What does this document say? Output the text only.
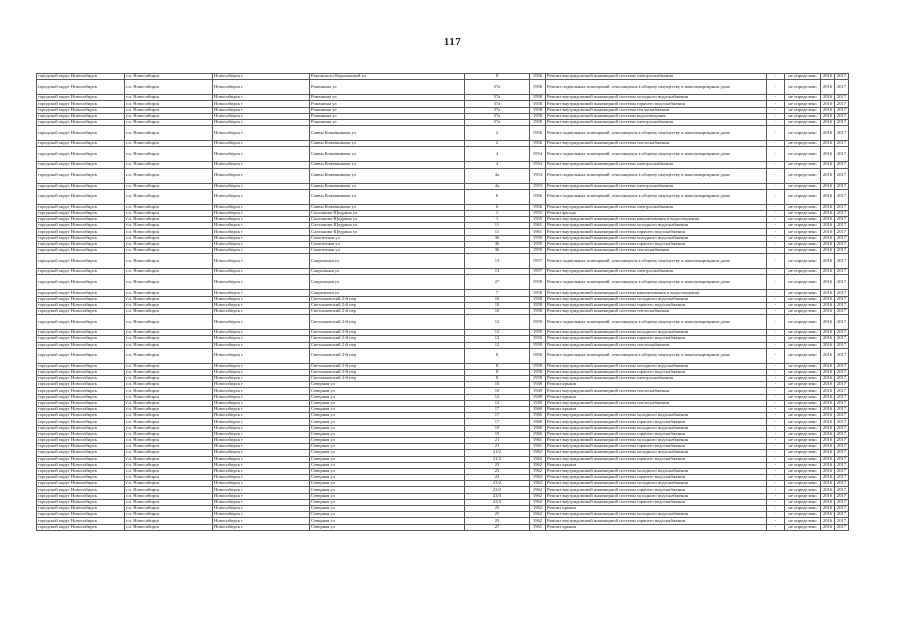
117
городской округ Новосибирск	г.п. Новосибирск	Новосибирск г	Рамонского-Корольковой ул	8	1956	Ремонт внутридомовой инженерной системы электроснабжения	-	не определено	2016	2017
городской округ Новосибирск	г.п. Новосибирск	Новосибирск г	Ромашина ул	37а	1958	Ремонт подвальных помещений, относящихся к общему имуществу в многоквартирном доме	-	не определено	2016	2017
городской округ Новосибирск	г.п. Новосибирск	Новосибирск г	Ромашина ул	37а	1958	Ремонт внутридомовой инженерной системы холодного водоснабжения	-	не определено	2016	2017
городской округ Новосибирск	г.п. Новосибирск	Новосибирск г	Ромашина ул	37а	1958	Ремонт внутридомовой инженерной системы горячего водоснабжения	-	не определено	2016	2017
городской округ Новосибирск	г.п. Новосибирск	Новосибирск г	Ромашина ул	37а	1958	Ремонт внутридомовой инженерной системы теплоснабжения	-	не определено	2016	2017
городской округ Новосибирск	г.п. Новосибирск	Новосибирск г	Ромашина ул	37а	1958	Ремонт внутридомовой инженерной системы водоотведения	-	не определено	2016	2017
городской округ Новосибирск	г.п. Новосибирск	Новосибирск г	Ромашина ул	37а	1958	Ремонт внутридомовой инженерной системы электроснабжения	-	не определено	2016	2017
городской округ Новосибирск	г.п. Новосибирск	Новосибирск г	Саввы Кожевникова ул	2	1956	Ремонт подвальных помещений, относящихся к общему имуществу в многоквартирном доме	-	не определено	2016	2017
городской округ Новосибирск	г.п. Новосибирск	Новосибирск г	Саввы Кожевникова ул	2	1956	Ремонт внутридомовой инженерной системы теплоснабжения	-	не определено	2016	2017
городской округ Новосибирск	г.п. Новосибирск	Новосибирск г	Саввы Кожевникова ул	4	1954	Ремонт подвальных помещений, относящихся к общему имуществу в многоквартирном доме	-	не определено	2016	2017
городской округ Новосибирск	г.п. Новосибирск	Новосибирск г	Саввы Кожевникова ул	4	1954	Ремонт внутридомовой инженерной системы электроснабжения	-	не определено	2016	2017
городской округ Новосибирск	г.п. Новосибирск	Новосибирск г	Саввы Кожевникова ул	4а	1953	Ремонт подвальных помещений, относящихся к общему имуществу в многоквартирном доме	-	не определено	2016	2017
городской округ Новосибирск	г.п. Новосибирск	Новосибирск г	Саввы Кожевникова ул	4а	1953	Ремонт внутридомовой инженерной системы электроснабжения	-	не определено	2016	2017
городской округ Новосибирск	г.п. Новосибирск	Новосибирск г	Саввы Кожевникова ул	6	1956	Ремонт подвальных помещений, относящихся к общему имуществу в многоквартирном доме	-	не определено	2016	2017
городской округ Новосибирск	г.п. Новосибирск	Новосибирск г	Саввы Кожевникова ул	6	1956	Ремонт внутридомовой инженерной системы электроснабжения	-	не определено	2016	2017
городской округ Новосибирск	г.п. Новосибирск	Новосибирск г	Салтыкова-Щедрина ул	1	1955	Ремонт фасада	-	не определено	2016	2017
городской округ Новосибирск	г.п. Новосибирск	Новосибирск г	Салтыкова-Щедрина ул	1	1955	Ремонт внутридомовой инженерной системы канализования и водоотведения	-	не определено	2016	2017
городской округ Новосибирск	г.п. Новосибирск	Новосибирск г	Салтыкова-Щедрина ул	11	1961	Ремонт внутридомовой инженерной системы холодного водоснабжения	-	не определено	2016	2017
городской округ Новосибирск	г.п. Новосибирск	Новосибирск г	Салтыкова-Щедрина ул	11	1961	Ремонт внутридомовой инженерной системы горячего водоснабжения	-	не определено	2016	2017
городской округ Новосибирск	г.п. Новосибирск	Новосибирск г	Самотечная ул	36	1959	Ремонт внутридомовой инженерной системы холодного водоснабжения	-	не определено	2016	2017
городской округ Новосибирск	г.п. Новосибирск	Новосибирск г	Самотечная ул	36	1959	Ремонт внутридомовой инженерной системы горячего водоснабжения	-	не определено	2016	2017
городской округ Новосибирск	г.п. Новосибирск	Новосибирск г	Самотечная ул	36	1959	Ремонт внутридомовой инженерной системы теплоснабжения	-	не определено	2016	2017
городской округ Новосибирск	г.п. Новосибирск	Новосибирск г	Сакральная ул	13	1957	Ремонт подвальных помещений, относящихся к общему имуществу в многоквартирном доме	-	не определено	2016	2017
городской округ Новосибирск	г.п. Новосибирск	Новосибирск г	Сакральная ул	13	1957	Ремонт внутридомовой инженерной системы электроснабжения	-	не определено	2016	2017
городской округ Новосибирск	г.п. Новосибирск	Новосибирск г	Сакральная ул	27	1958	Ремонт подвальных помещений, относящихся к общему имуществу в многоквартирном доме	-	не определено	2016	2017
городской округ Новосибирск	г.п. Новосибирск	Новосибирск г	Сакральная ул	7	1958	Ремонт внутридомовой инженерной системы канализования и водоотведения	-	не определено	2016	2017
городской округ Новосибирск	г.п. Новосибирск	Новосибирск г	Светлановский 2-й пер	10	1958	Ремонт внутридомовой инженерной системы холодного водоснабжения	-	не определено	2016	2017
городской округ Новосибирск	г.п. Новосибирск	Новосибирск г	Светлановский 2-й пер	10	1958	Ремонт внутридомовой инженерной системы горячего водоснабжения	-	не определено	2016	2017
городской округ Новосибирск	г.п. Новосибирск	Новосибирск г	Светлановский 2-й пер	10	1958	Ремонт внутридомовой инженерной системы теплоснабжения	-	не определено	2016	2017
городской округ Новосибирск	г.п. Новосибирск	Новосибирск г	Светлановский 2-й пер	12	1959	Ремонт подвальных помещений, относящихся к общему имуществу в многоквартирном доме	-	не определено	2016	2017
городской округ Новосибирск	г.п. Новосибирск	Новосибирск г	Светлановский 2-й пер	12	1959	Ремонт внутридомовой инженерной системы холодного водоснабжения	-	не определено	2016	2017
городской округ Новосибирск	г.п. Новосибирск	Новосибирск г	Светлановский 2-й пер	12	1959	Ремонт внутридомовой инженерной системы горячего водоснабжения	-	не определено	2016	2017
городской округ Новосибирск	г.п. Новосибирск	Новосибирск г	Светлановский 2-й пер	12	1959	Ремонт внутридомовой инженерной системы теплоснабжения	-	не определено	2016	2017
городской округ Новосибирск	г.п. Новосибирск	Новосибирск г	Светлановский 2-й пер	8	1958	Ремонт подвальных помещений, относящихся к общему имуществу в многоквартирном доме	-	не определено	2016	2017
городской округ Новосибирск	г.п. Новосибирск	Новосибирск г	Светлановский 2-й пер	8	1958	Ремонт внутридомовой инженерной системы холодного водоснабжения	-	не определено	2016	2017
городской округ Новосибирск	г.п. Новосибирск	Новосибирск г	Светлановский 2-й пер	8	1958	Ремонт внутридомовой инженерной системы горячего водоснабжения	-	не определено	2016	2017
городской округ Новосибирск	г.п. Новосибирск	Новосибирск г	Светлановский 2-й пер	8	1958	Ремонт внутридомовой инженерной системы электроснабжения	-	не определено	2016	2017
городской округ Новосибирск	г.п. Новосибирск	Новосибирск г	Северная ул	10	1949	Ремонт крыши	-	не определено	2016	2017
городской округ Новосибирск	г.п. Новосибирск	Новосибирск г	Северная ул	10	1949	Ремонт внутридомовой инженерной системы теплоснабжения	-	не определено	2016	2017
городской округ Новосибирск	г.п. Новосибирск	Новосибирск г	Северная ул	12	1949	Ремонт крыши	-	не определено	2016	2017
городской округ Новосибирск	г.п. Новосибирск	Новосибирск г	Северная ул	12	1949	Ремонт внутридомовой инженерной системы теплоснабжения	-	не определено	2016	2017
городской округ Новосибирск	г.п. Новосибирск	Новосибирск г	Северная ул	17	1960	Ремонт крыши	-	не определено	2016	2017
городской округ Новосибирск	г.п. Новосибирск	Новосибирск г	Северная ул	17	1960	Ремонт внутридомовой инженерной системы холодного водоснабжения	-	не определено	2016	2017
городской округ Новосибирск	г.п. Новосибирск	Новосибирск г	Северная ул	17	1960	Ремонт внутридомовой инженерной системы горячего водоснабжения	-	не определено	2016	2017
городской округ Новосибирск	г.п. Новосибирск	Новосибирск г	Северная ул	19	1960	Ремонт внутридомовой инженерной системы холодного водоснабжения	-	не определено	2016	2017
городской округ Новосибирск	г.п. Новосибирск	Новосибирск г	Северная ул	19	1960	Ремонт внутридомовой инженерной системы горячего водоснабжения	-	не определено	2016	2017
городской округ Новосибирск	г.п. Новосибирск	Новосибирск г	Северная ул	21	1961	Ремонт внутридомовой инженерной системы холодного водоснабжения	-	не определено	2016	2017
городской округ Новосибирск	г.п. Новосибирск	Новосибирск г	Северная ул	21	1961	Ремонт внутридомовой инженерной системы горячего водоснабжения	-	не определено	2016	2017
городской округ Новосибирск	г.п. Новосибирск	Новосибирск г	Северная ул	21/2	1962	Ремонт внутридомовой инженерной системы холодного водоснабжения	-	не определено	2016	2017
городской округ Новосибирск	г.п. Новосибирск	Новосибирск г	Северная ул	21/2	1962	Ремонт внутридомовой инженерной системы горячего водоснабжения	-	не определено	2016	2017
городской округ Новосибирск	г.п. Новосибирск	Новосибирск г	Северная ул	23	1962	Ремонт крыши	-	не определено	2016	2017
городской округ Новосибирск	г.п. Новосибирск	Новосибирск г	Северная ул	23	1962	Ремонт внутридомовой инженерной системы холодного водоснабжения	-	не определено	2016	2017
городской округ Новосибирск	г.п. Новосибирск	Новосибирск г	Северная ул	23	1962	Ремонт внутридомовой инженерной системы горячего водоснабжения	-	не определено	2016	2017
городской округ Новосибирск	г.п. Новосибирск	Новосибирск г	Северная ул	23/2	1962	Ремонт внутридомовой инженерной системы холодного водоснабжения	-	не определено	2016	2017
городской округ Новосибирск	г.п. Новосибирск	Новосибирск г	Северная ул	23/2	1962	Ремонт внутридомовой инженерной системы горячего водоснабжения	-	не определено	2016	2017
городской округ Новосибирск	г.п. Новосибирск	Новосибирск г	Северная ул	23/3	1962	Ремонт внутридомовой инженерной системы холодного водоснабжения	-	не определено	2016	2017
городской округ Новосибирск	г.п. Новосибирск	Новосибирск г	Северная ул	23/3	1962	Ремонт внутридомовой инженерной системы горячего водоснабжения	-	не определено	2016	2017
городской округ Новосибирск	г.п. Новосибирск	Новосибирск г	Северная ул	25	1962	Ремонт крыши	-	не определено	2016	2017
городской округ Новосибирск	г.п. Новосибирск	Новосибирск г	Северная ул	25	1962	Ремонт внутридомовой инженерной системы холодного водоснабжения	-	не определено	2016	2017
городской округ Новосибирск	г.п. Новосибирск	Новосибирск г	Северная ул	25	1962	Ремонт внутридомовой инженерной системы горячего водоснабжения	-	не определено	2016	2017
городской округ Новосибирск	г.п. Новосибирск	Новосибирск г	Северная ул	27	1961	Ремонт крыши	-	не определено	2016	2017
